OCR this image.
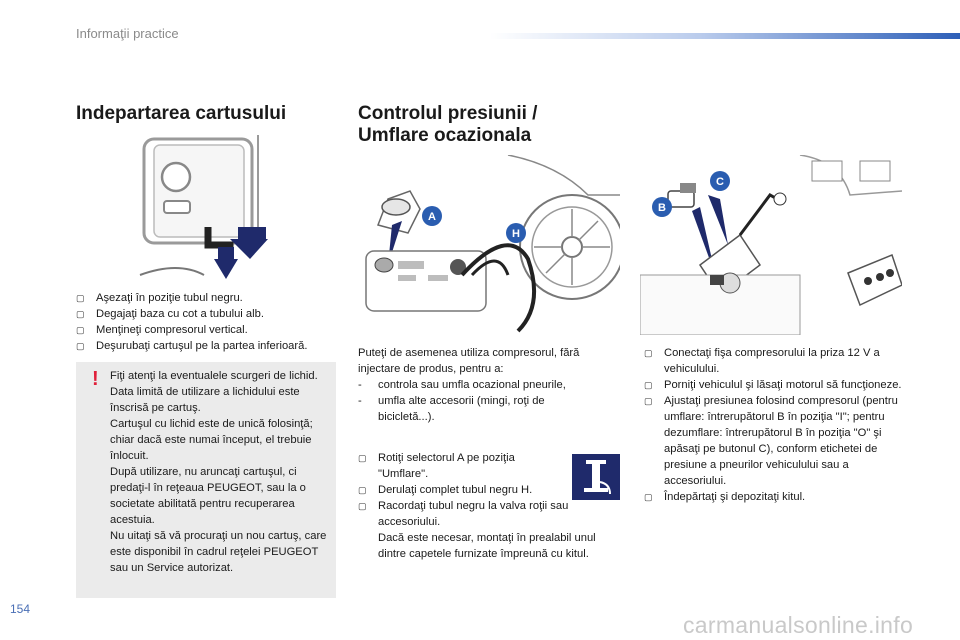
Informaţii practice
Indepartarea cartusului
▢ Aşezaţi în poziţie tubul negru.
▢ Degajaţi baza cu cot a tubului alb.
▢ Menţineţi compresorul vertical.
▢ Deşurubaţi cartuşul pe la partea inferioară.
! Fiţi atenţi la eventualele scurgeri de lichid.
Data limită de utilizare a lichidului este înscrisă pe cartuş.
Cartuşul cu lichid este de unică folosinţă; chiar dacă este numai început, el trebuie înlocuit.
După utilizare, nu aruncaţi cartuşul, ci predaţi-l în reţeaua PEUGEOT, sau la o societate abilitată pentru recuperarea acestuia.
Nu uitaţi să vă procuraţi un nou cartuş, care este disponibil în cadrul reţelei PEUGEOT sau un Service autorizat.
Controlul presiunii / Umflare ocazionala
A
H
B
C
Puteţi de asemenea utiliza compresorul, fără injectare de produs, pentru a:
- controla sau umfla ocazional pneurile,
- umfla alte accesorii (mingi, roţi de bicicletă...).
▢ Rotiţi selectorul A pe poziţia "Umflare".
▢ Derulaţi complet tubul negru H.
▢ Racordaţi tubul negru la valva roţii sau accesoriului.
Dacă este necesar, montaţi în prealabil unul dintre capetele furnizate împreună cu kitul.
▢ Conectaţi fişa compresorului la priza 12 V a vehiculului.
▢ Porniţi vehiculul şi lăsaţi motorul să funcţioneze.
▢ Ajustaţi presiunea folosind compresorul (pentru umflare: întrerupătorul B în poziţia "I"; pentru dezumflare: întrerupătorul B în poziţia "O" şi apăsaţi pe butonul C), conform etichetei de presiune a pneurilor vehiculului sau a accesoriului.
▢ Îndepărtaţi şi depozitaţi kitul.
154
carmanualsonline.info
